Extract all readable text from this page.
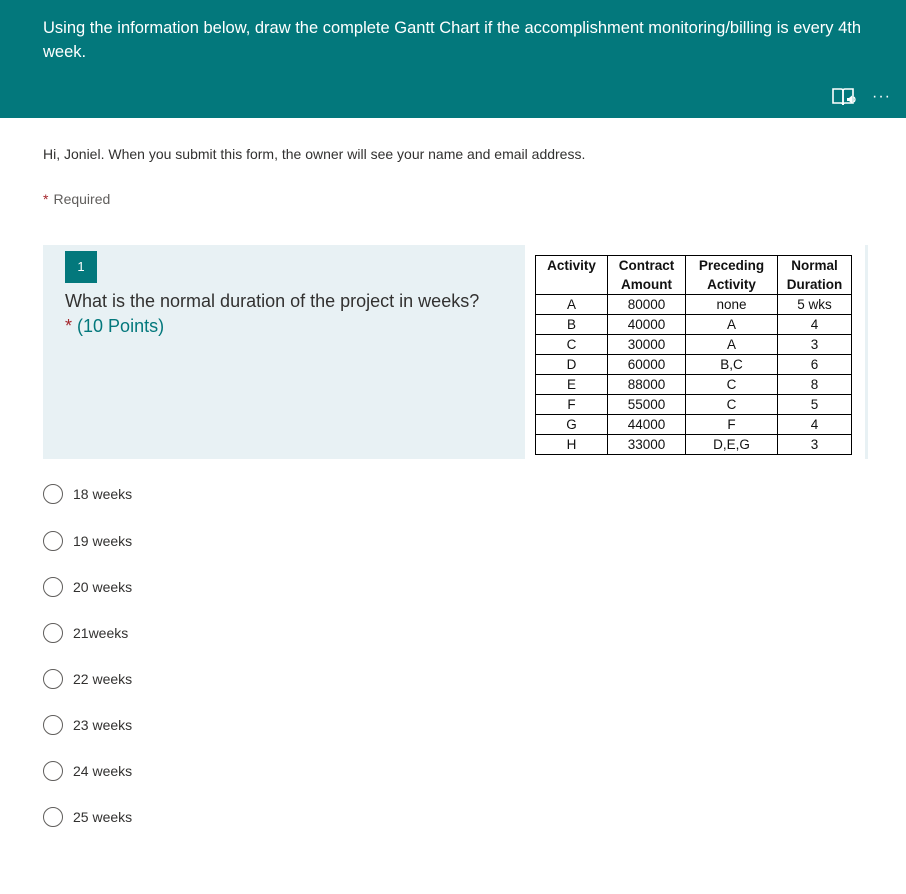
Using the information below, draw the complete Gantt Chart if the accomplishment monitoring/billing is every 4th week.
···
Hi, Joniel. When you submit this form, the owner will see your name and email address.
* Required
1
What is the normal duration of the project in weeks? * (10 Points)
Activity	Contract	Preceding	Normal
	Amount	Activity	Duration
A	80000	none	5 wks
B	40000	A	4
C	30000	A	3
D	60000	B,C	6
E	88000	C	8
F	55000	C	5
G	44000	F	4
H	33000	D,E,G	3
18 weeks
19 weeks
20 weeks
21weeks
22 weeks
23 weeks
24 weeks
25 weeks
